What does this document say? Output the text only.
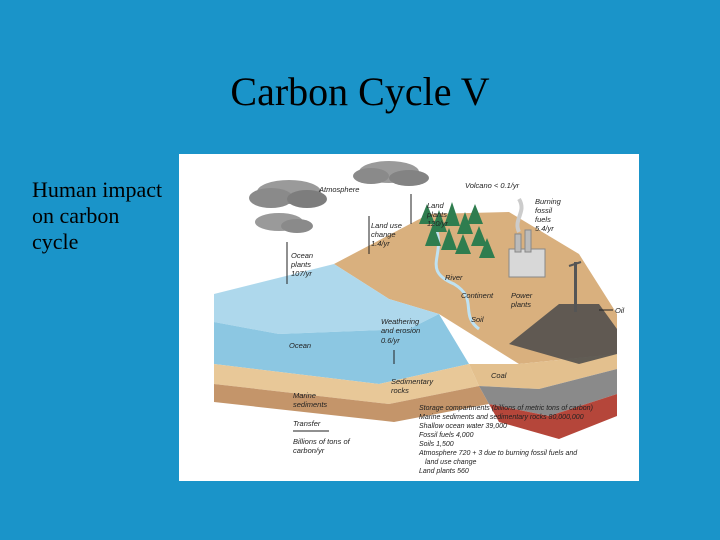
Carbon Cycle V
Human impact
on carbon
cycle
Atmosphere	Volcano < 0.1/yr
Land
plants
120/yr
Burning
fossil
fuels
5.4/yr
Land use
change
1.4/yr
Ocean
plants
107/yr	River
Continent Power
plants
Oil
Soil
Weathering
and erosion
0.6/yr
Ocean
Coal
Sedimentary
rocks
Marine
sediments
Transfer
Billions of tons of
carbon/yr
Storage compartments (billions of metric tons of carbon)
Marine sediments and sedimentary rocks 80,000,000
Shallow ocean water 39,000
Fossil fuels 4,000
Soils 1,500
Atmosphere 720 + 3 due to burning fossil fuels and
land use change
Land plants 560
